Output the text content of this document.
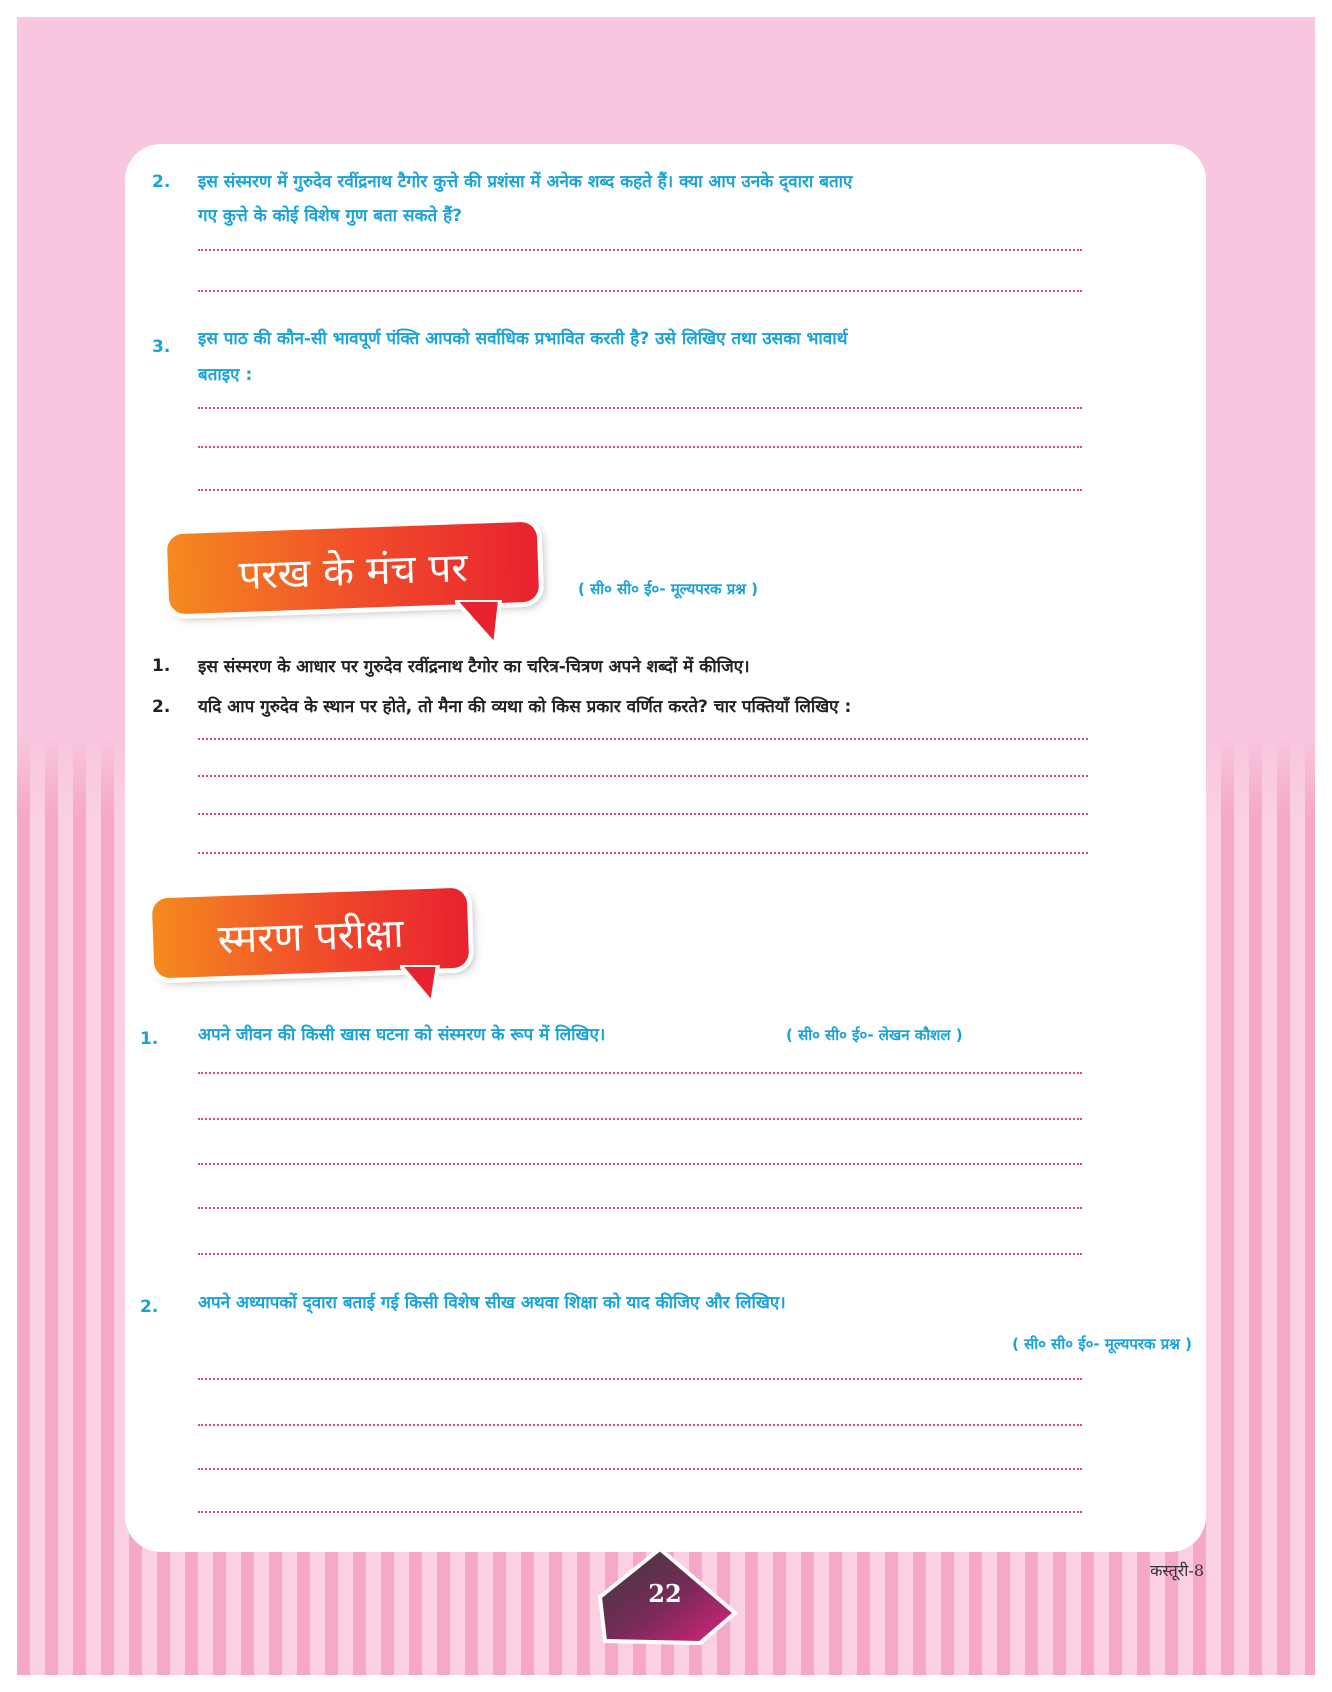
2. इस संस्मरण में गुरुदेव रवींद्रनाथ टैगोर कुत्ते की प्रशंसा में अनेक शब्द कहते हैं। क्या आप उनके द्‌वारा बताए
गए कुत्ते के कोई विशेष गुण बता सकते हैं?
3. इस पाठ की कौन-सी भावपूर्ण पंक्ति आपको सर्वाधिक प्रभावित करती है? उसे लिखिए तथा उसका भावार्थ
बताइए :
परख के मंच पर	( सी० सी० ई०- मूल्यपरक प्रश्न )
1. इस संस्मरण के आधार पर गुरुदेव रवींद्रनाथ टैगोर का चरित्र-चित्रण अपने शब्दों में कीजिए।
2. यदि आप गुरुदेव के स्थान पर होते, तो मैना की व्यथा को किस प्रकार वर्णित करते? चार पक्तियाँ लिखिए :
स्मरण परीक्षा
1. अपने जीवन की किसी खास घटना को संस्मरण के रूप में लिखिए।	( सी० सी० ई०- लेखन कौशल )
2. अपने अध्यापकों द्‌वारा बताई गई किसी विशेष सीख अथवा शिक्षा को याद कीजिए और लिखिए।
( सी० सी० ई०- मूल्यपरक प्रश्न )
22
कस्तूरी-8
